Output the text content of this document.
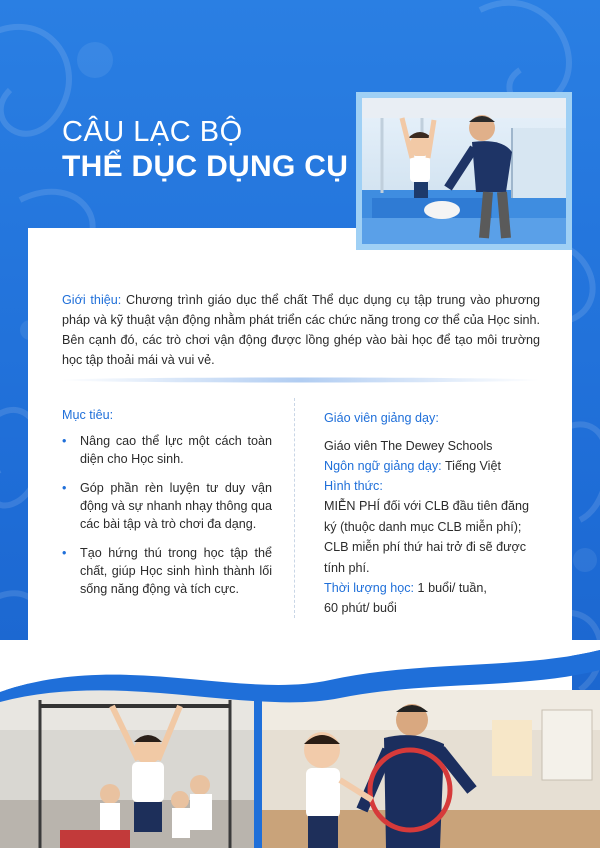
CÂU LẠC BỘ
THỂ DỤC DỤNG CỤ
Giới thiệu: Chương trình giáo dục thể chất Thể dục dụng cụ tập trung vào phương pháp và kỹ thuật vận động nhằm phát triển các chức năng trong cơ thể của Học sinh. Bên cạnh đó, các trò chơi vận động được lồng ghép vào bài học để tạo môi trường học tập thoải mái và vui vẻ.
Mục tiêu:
• Nâng cao thể lực một cách toàn diện cho Học sinh.
• Góp phần rèn luyện tư duy vận động và sự nhanh nhạy thông qua các bài tập và trò chơi đa dạng.
• Tạo hứng thú trong học tập thể chất, giúp Học sinh hình thành lối sống năng động và tích cực.
Giáo viên giảng dạy:
Giáo viên The Dewey Schools
Ngôn ngữ giảng dạy: Tiếng Việt
Hình thức:
MIỄN PHÍ đối với CLB đầu tiên đăng ký (thuộc danh mục CLB miễn phí); CLB miễn phí thứ hai trở đi sẽ được tính phí.
Thời lượng học: 1 buổi/ tuần,
60 phút/ buổi
